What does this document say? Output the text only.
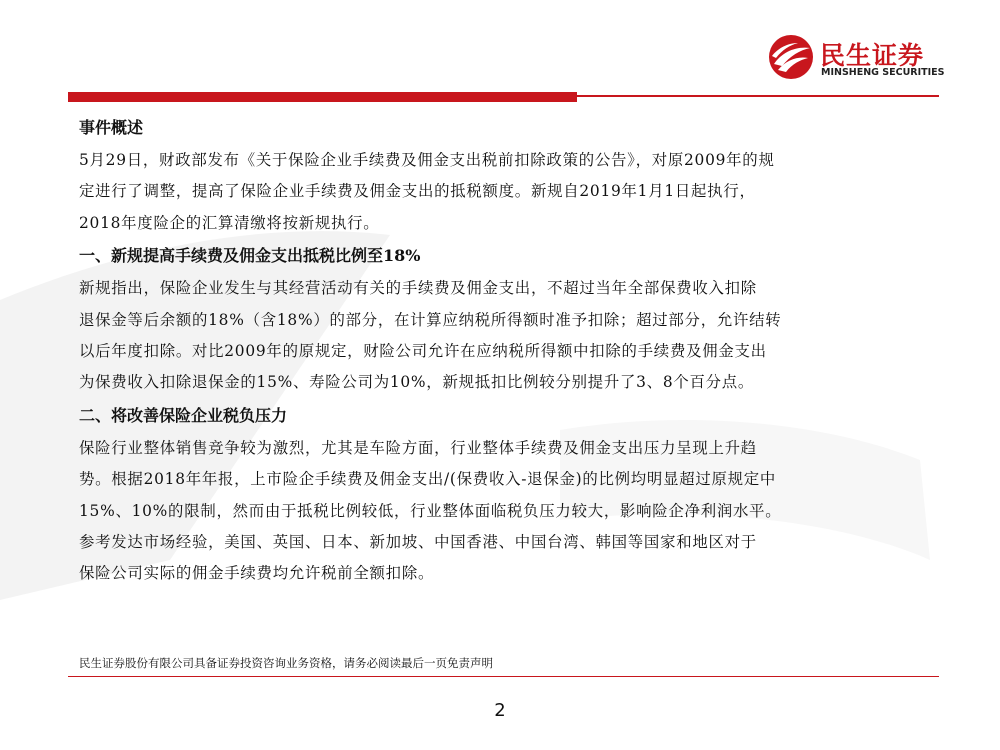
民生证券
MINSHENG SECURITIES

事件概述

5月29日，财政部发布《关于保险企业手续费及佣金支出税前扣除政策的公告》，对原2009年的规
定进行了调整，提高了保险企业手续费及佣金支出的抵税额度。新规自2019年1月1日起执行，
2018年度险企的汇算清缴将按新规执行。

一、新规提高手续费及佣金支出抵税比例至18%

新规指出，保险企业发生与其经营活动有关的手续费及佣金支出，不超过当年全部保费收入扣除
退保金等后余额的18%（含18%）的部分，在计算应纳税所得额时准予扣除；超过部分，允许结转
以后年度扣除。对比2009年的原规定，财险公司允许在应纳税所得额中扣除的手续费及佣金支出
为保费收入扣除退保金的15%、寿险公司为10%，新规抵扣比例较分别提升了3、8个百分点。

二、将改善保险企业税负压力

保险行业整体销售竞争较为激烈，尤其是车险方面，行业整体手续费及佣金支出压力呈现上升趋
势。根据2018年年报，上市险企手续费及佣金支出/(保费收入-退保金)的比例均明显超过原规定中
15%、10%的限制，然而由于抵税比例较低，行业整体面临税负压力较大，影响险企净利润水平。
参考发达市场经验，美国、英国、日本、新加坡、中国香港、中国台湾、韩国等国家和地区对于
保险公司实际的佣金手续费均允许税前全额扣除。

民生证券股份有限公司具备证券投资咨询业务资格，请务必阅读最后一页免责声明
2
